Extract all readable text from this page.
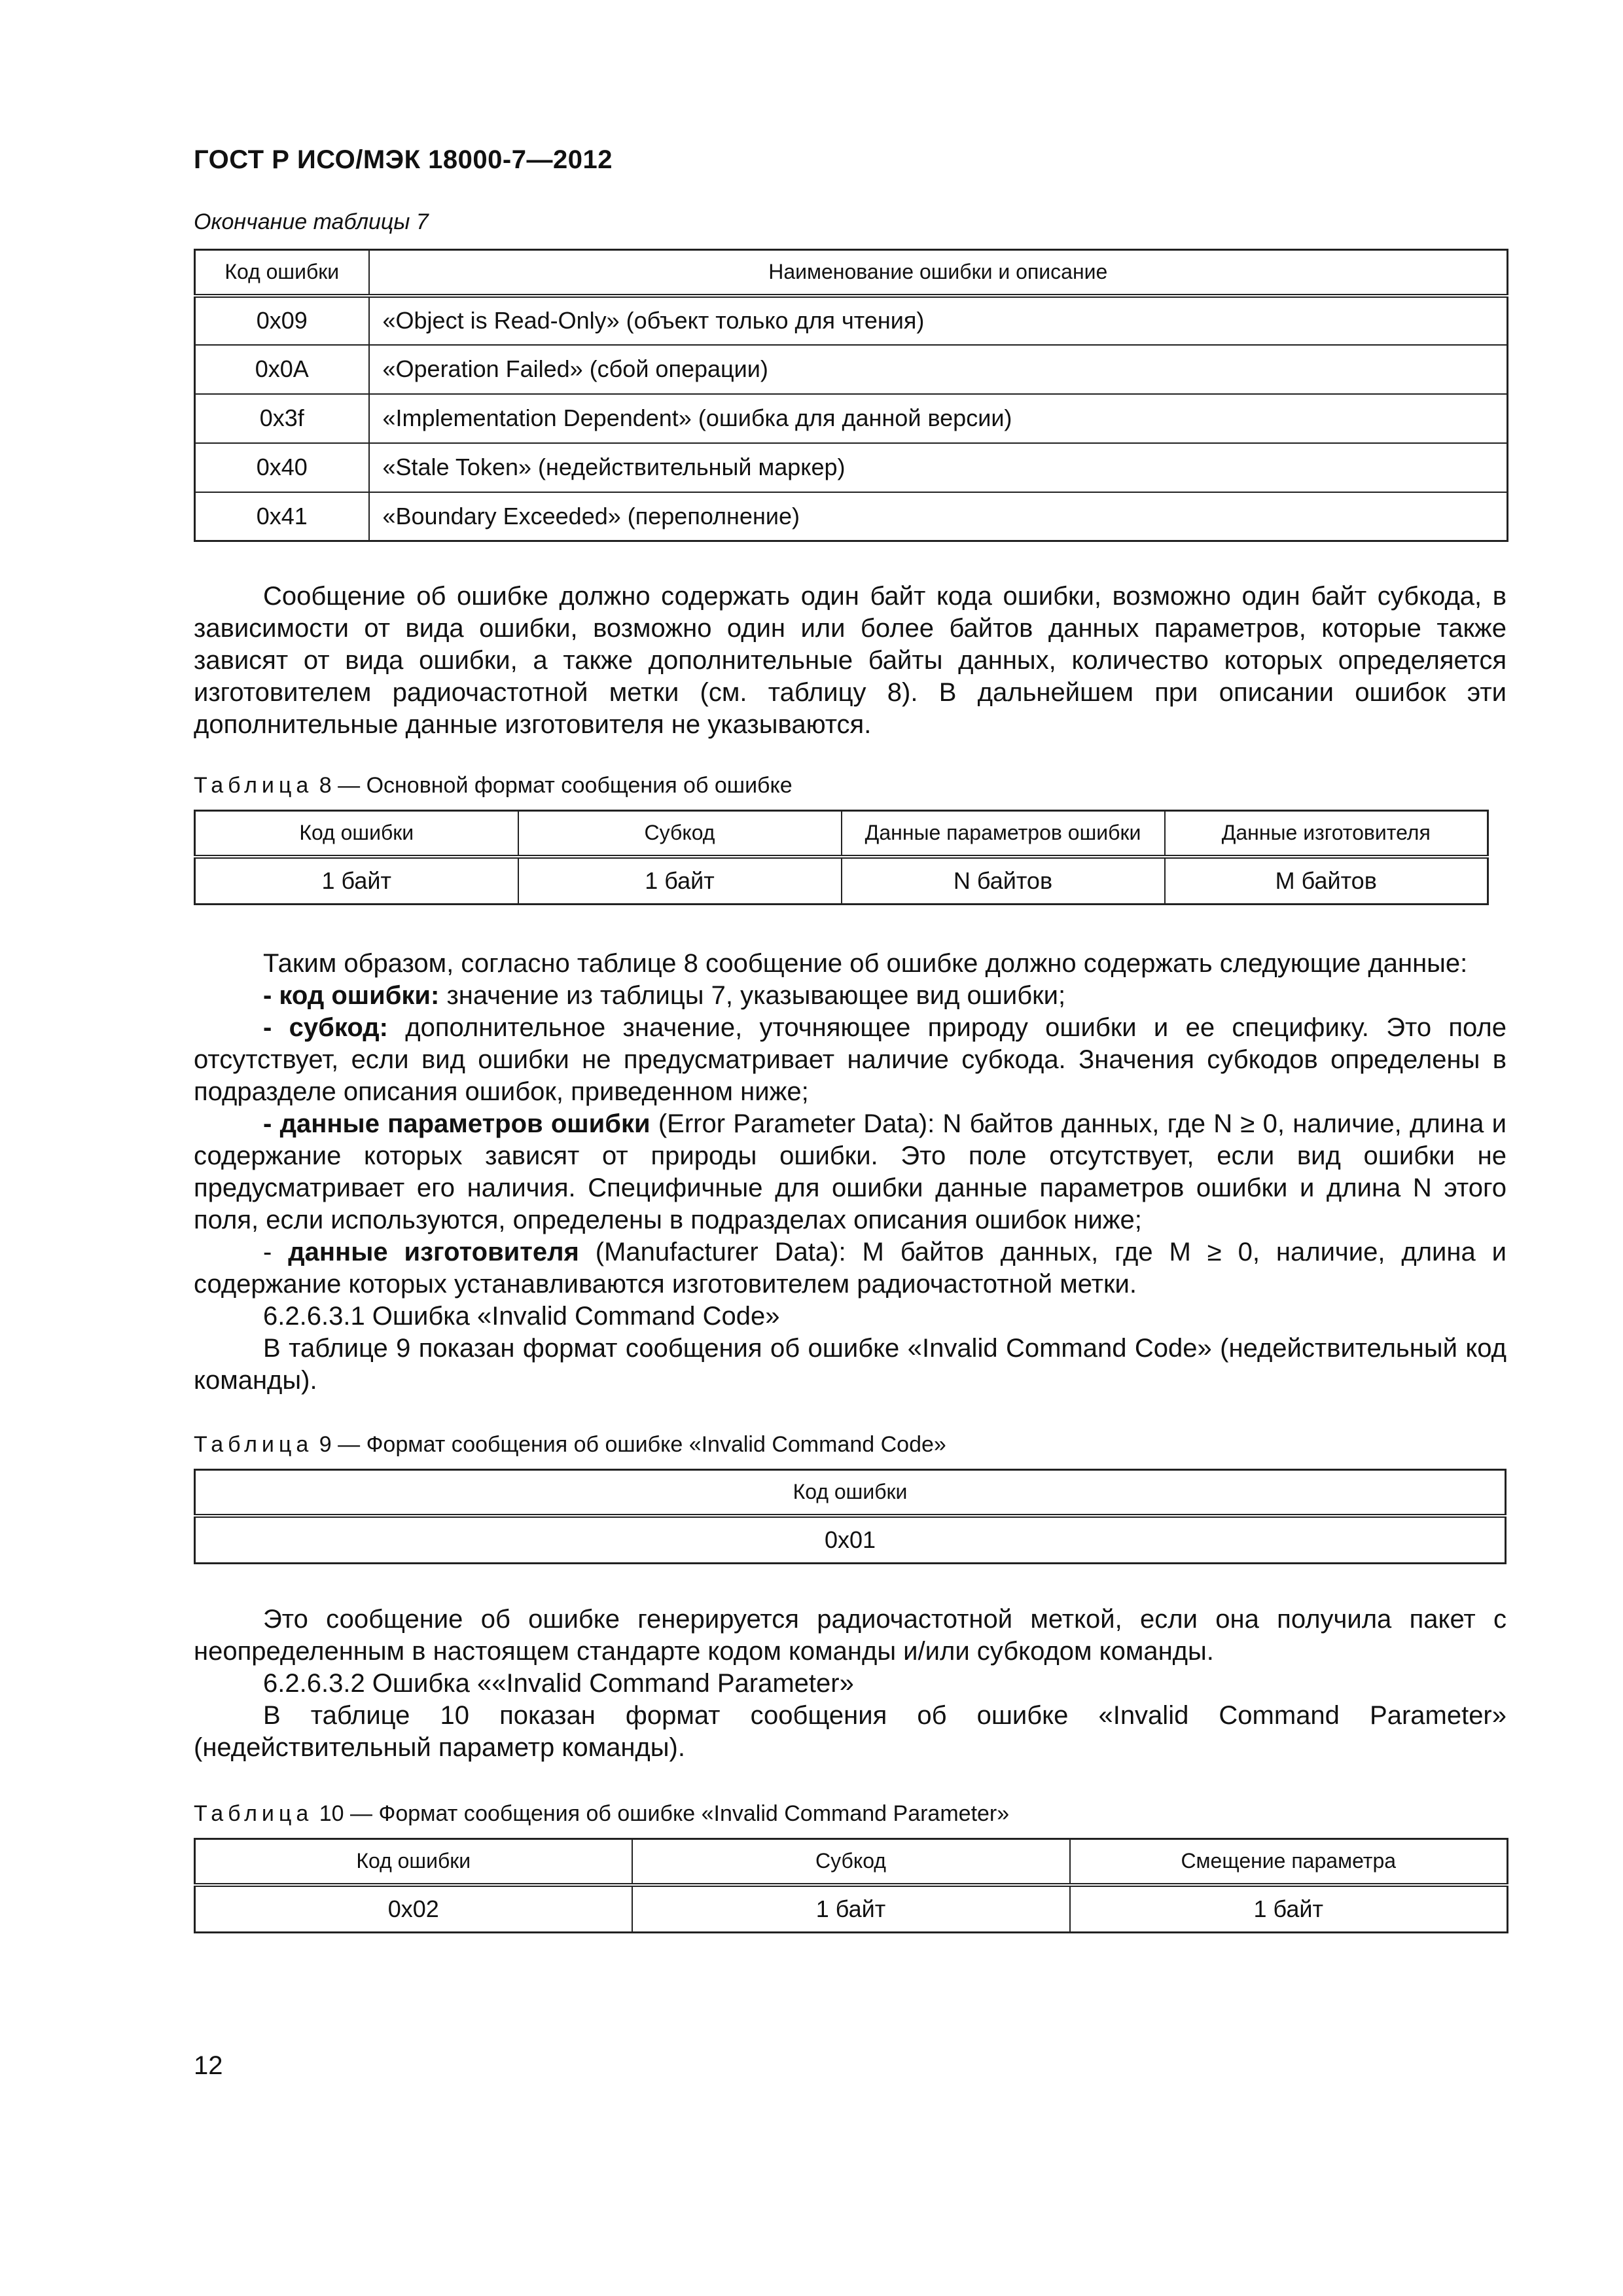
ГОСТ Р ИСО/МЭК 18000-7—2012
Окончание таблицы 7
Код ошибки	Наименование ошибки и описание
0x09	«Object is Read-Only» (объект только для чтения)
0x0A	«Operation Failed» (сбой операции)
0x3f	«Implementation Dependent» (ошибка для данной версии)
0x40	«Stale Token» (недействительный маркер)
0x41	«Boundary Exceeded» (переполнение)

Сообщение об ошибке должно содержать один байт кода ошибки, возможно один байт субкода, в зависимости от вида ошибки, возможно один или более байтов данных параметров, которые также зависят от вида ошибки, а также дополнительные байты данных, количество которых определяется изготовителем радиочастотной метки (см. таблицу 8). В дальнейшем при описании ошибок эти дополнительные данные изготовителя не указываются.

Таблица 8 — Основной формат сообщения об ошибке
Код ошибки	Субкод	Данные параметров ошибки	Данные изготовителя
1 байт	1 байт	N байтов	M байтов

Таким образом, согласно таблице 8 сообщение об ошибке должно содержать следующие данные:

- код ошибки: значение из таблицы 7, указывающее вид ошибки;

- субкод: дополнительное значение, уточняющее природу ошибки и ее специфику. Это поле отсутствует, если вид ошибки не предусматривает наличие субкода. Значения субкодов определены в подразделе описания ошибок, приведенном ниже;

- данные параметров ошибки (Error Parameter Data): N байтов данных, где N ≥ 0, наличие, длина и содержание которых зависят от природы ошибки. Это поле отсутствует, если вид ошибки не предусматривает его наличия. Специфичные для ошибки данные параметров ошибки и длина N этого поля, если используются, определены в подразделах описания ошибок ниже;

- данные изготовителя (Manufacturer Data): M байтов данных, где M ≥ 0, наличие, длина и содержание которых устанавливаются изготовителем радиочастотной метки.

6.2.6.3.1 Ошибка «Invalid Command Code»

В таблице 9 показан формат сообщения об ошибке «Invalid Command Code» (недействительный код команды).

Таблица 9 — Формат сообщения об ошибке «Invalid Command Code»
Код ошибки
0x01

Это сообщение об ошибке генерируется радиочастотной меткой, если она получила пакет с неопределенным в настоящем стандарте кодом команды и/или субкодом команды.

6.2.6.3.2 Ошибка ««Invalid Command Parameter»

В таблице 10 показан формат сообщения об ошибке «Invalid Command Parameter» (недействительный параметр команды).

Таблица 10 — Формат сообщения об ошибке «Invalid Command Parameter»
Код ошибки	Субкод	Смещение параметра
0x02	1 байт	1 байт
12
